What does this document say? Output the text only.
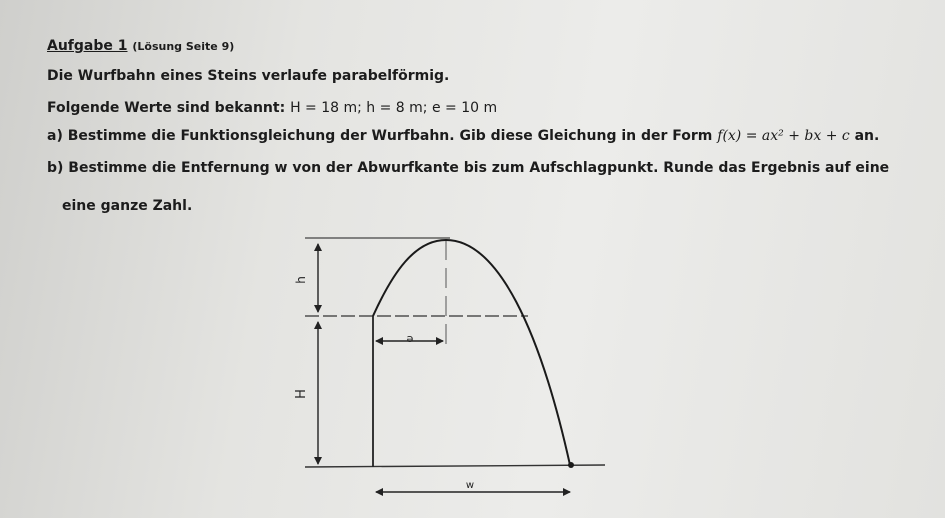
Aufgabe 1 (Lösung Seite 9)
Die Wurfbahn eines Steins verlaufe parabelförmig.
Folgende Werte sind bekannt: H = 18 m; h = 8 m; e = 10 m
a) Bestimme die Funktionsgleichung der Wurfbahn. Gib diese Gleichung in der Form f(x) = ax² + bx + c an.
b) Bestimme die Entfernung w von der Abwurfkante bis zum Aufschlagpunkt. Runde das Ergebnis auf eine
eine ganze Zahl.
h
H
e
w
